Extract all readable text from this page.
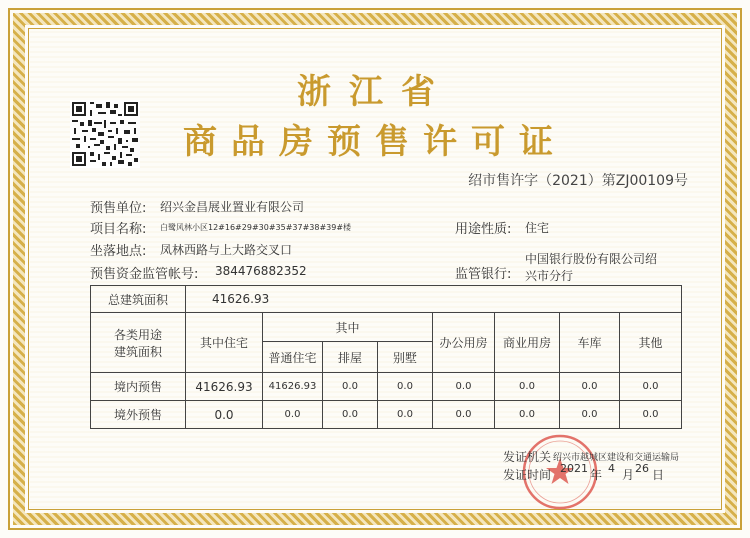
浙江省
商品房预售许可证
绍市售许字（2021）第ZJ00109号
预售单位: 绍兴金昌展业置业有限公司
项目名称: 白鹭风林小区12#16#29#30#35#37#38#39#楼	用途性质: 住宅
坐落地点: 凤林西路与上大路交叉口
预售资金监管帐号: 384476882352	监管银行:
中国银行股份有限公司绍
兴市分行
总建筑面积	41626.93							

各类用途
建筑面积	其中住宅	其中			办公用房	商业用房	车库	其他
		普通住宅	排屋	别墅				
境内预售	41626.93	41626.93	0.0	0.0	0.0	0.0	0.0	0.0
境外预售	0.0	0.0	0.0	0.0	0.0	0.0	0.0	0.0
发证机关 绍兴市越城区建设和交通运输局
发证时间 2021 年 4 月 26 日
